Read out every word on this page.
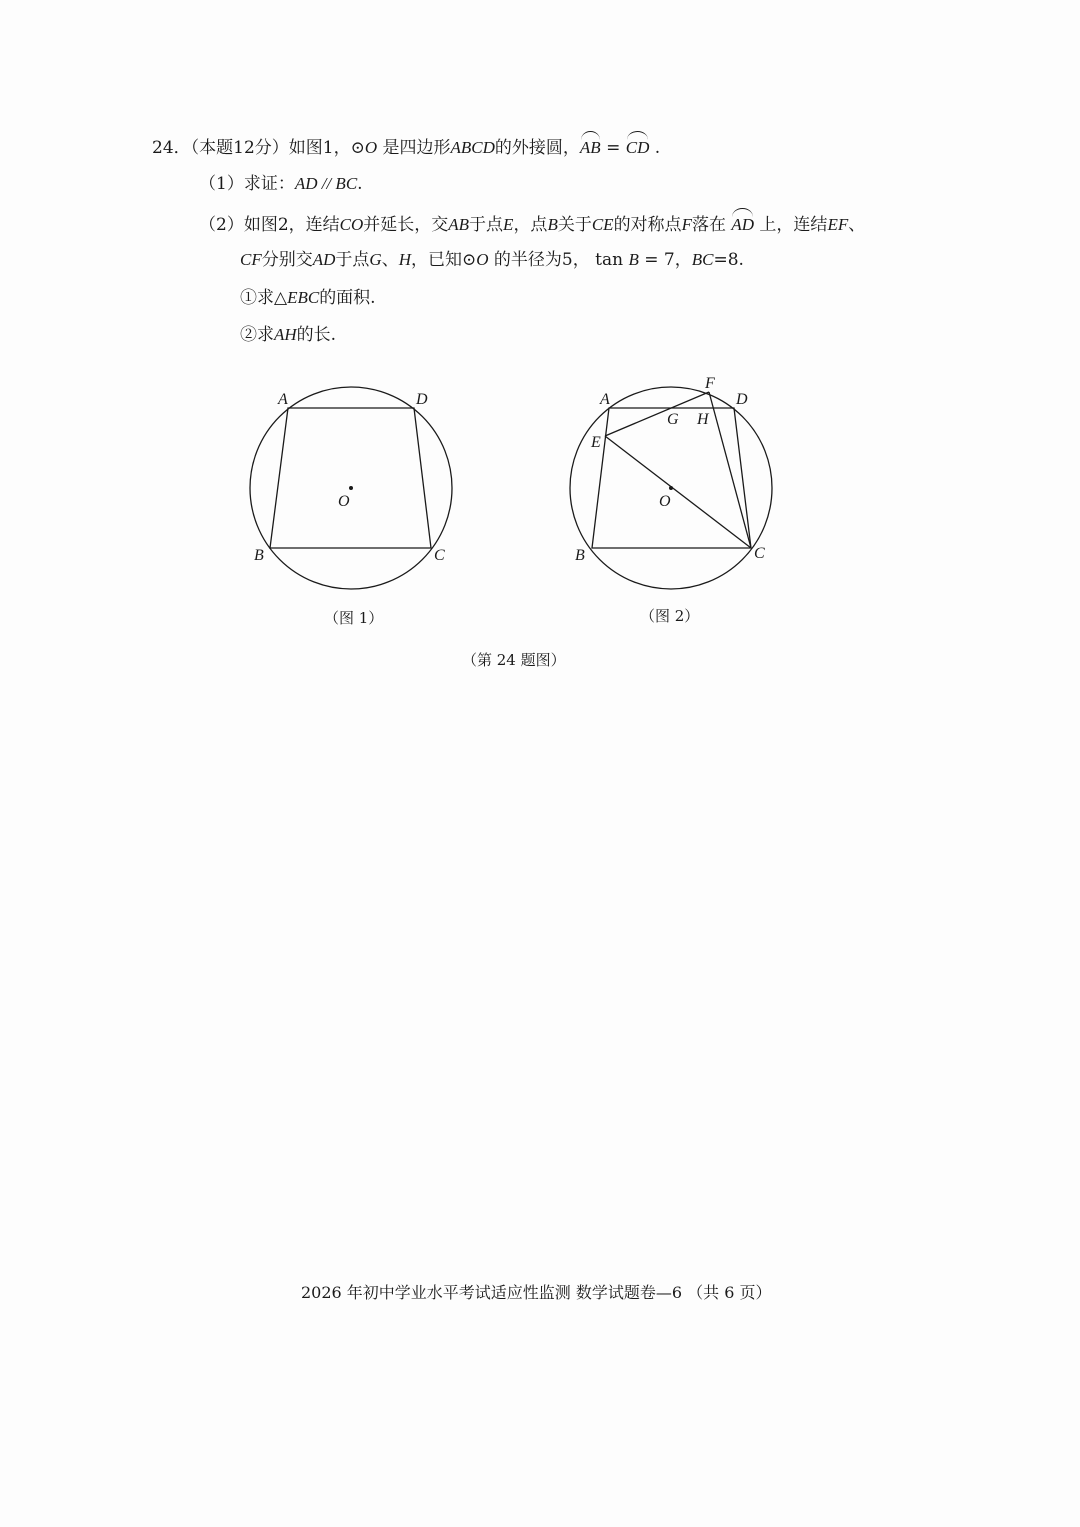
24．（本题12分）如图1，⊙O 是四边形ABCD的外接圆，AB = CD .
（1）求证：AD // BC.
（2）如图2，连结CO并延长，交AB于点E，点B关于CE的对称点F落在 AD 上，连结EF、
CF分别交AD于点G、H，已知⊙O 的半径为5， tan B = 7，BC=8.
①求△EBC的面积.
②求AH的长.
A	D
B	C
O
（图 1）
A	D
F
G H
E
B	C
O
（图 2）
（第 24 题图）
2026 年初中学业水平考试适应性监测 数学试题卷—6 （共 6 页）
